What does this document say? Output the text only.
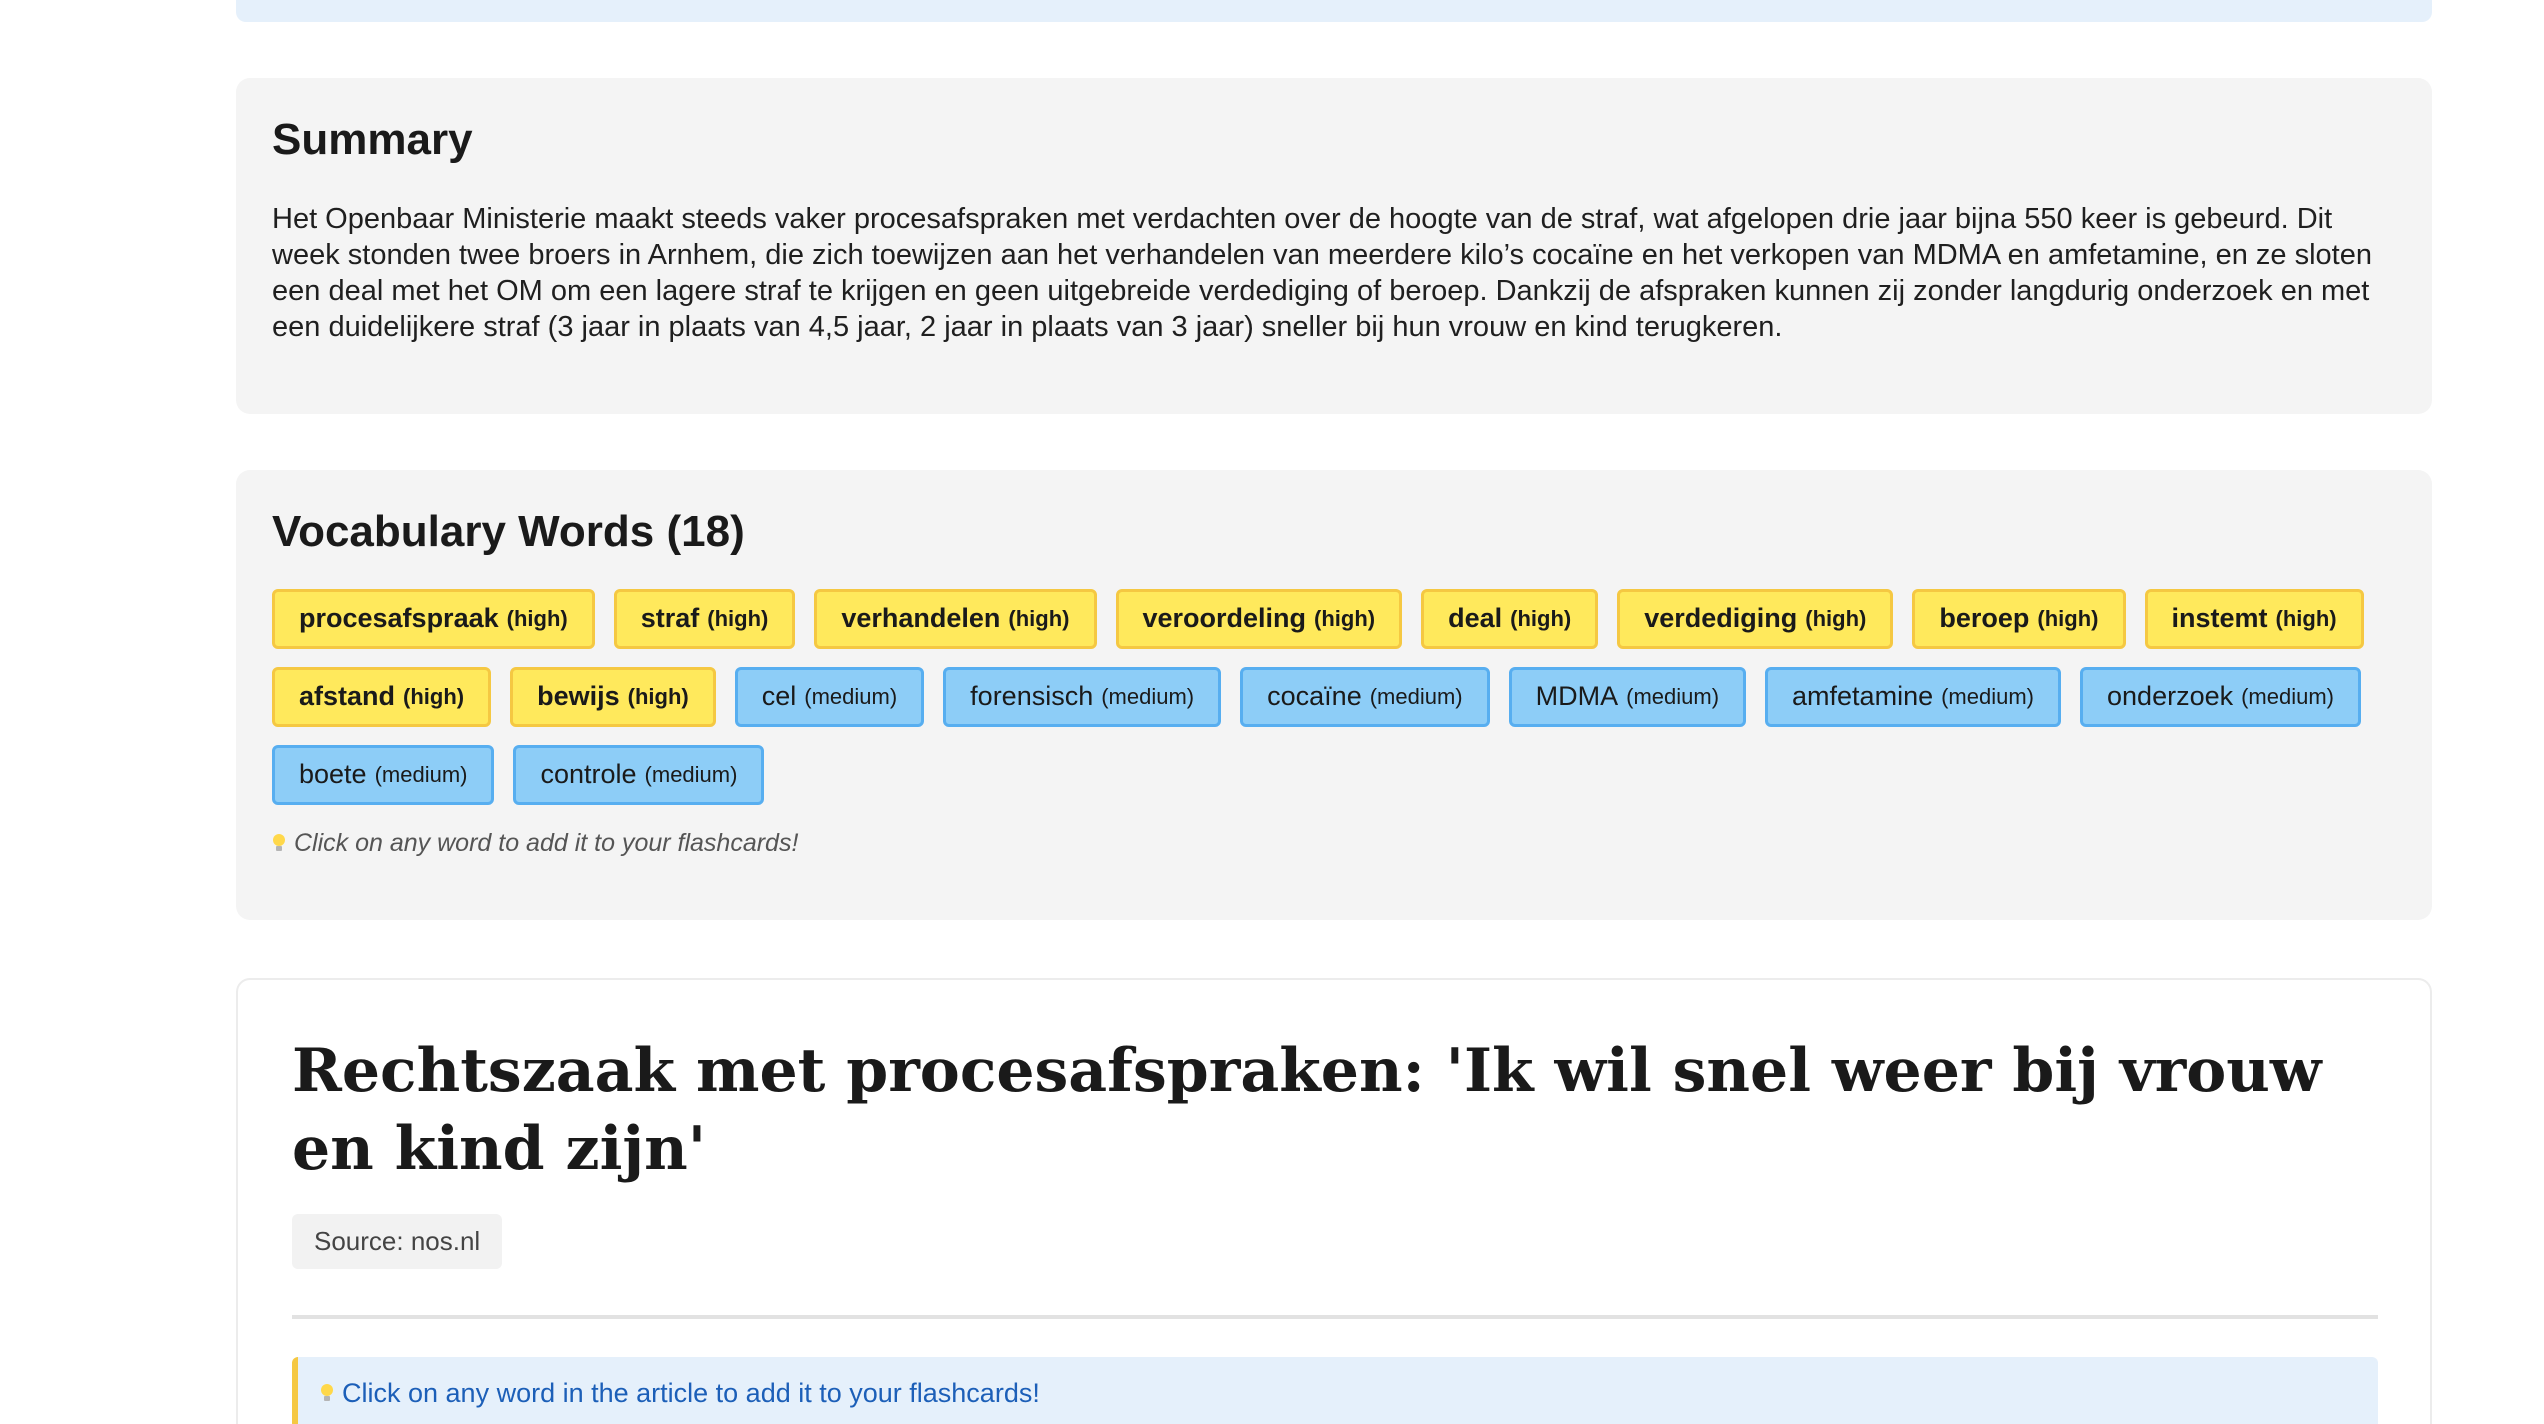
Summary
Het Openbaar Ministerie maakt steeds vaker procesafspraken met verdachten over de hoogte van de straf, wat afgelopen drie jaar bijna 550 keer is gebeurd. Dit week stonden twee broers in Arnhem, die zich toewijzen aan het verhandelen van meerdere kilo’s cocaïne en het verkopen van MDMA en amfetamine, en ze sloten een deal met het OM om een lagere straf te krijgen en geen uitgebreide verdediging of beroep. Dankzij de afspraken kunnen zij zonder langdurig onderzoek en met een duidelijkere straf (3 jaar in plaats van 4,5 jaar, 2 jaar in plaats van 3 jaar) sneller bij hun vrouw en kind terugkeren.
Vocabulary Words (18)
procesafspraak (high)	straf (high)	verhandelen (high)	veroordeling (high)	deal (high)	verdediging (high)	beroep (high)	instemt (high)
afstand (high)	bewijs (high)	cel (medium)	forensisch (medium)	cocaïne (medium)	MDMA (medium)	amfetamine (medium)	onderzoek (medium)
boete (medium)	controle (medium)
Click on any word to add it to your flashcards!
Rechtszaak met procesafspraken: 'Ik wil snel weer bij vrouw en kind zijn'
Source: nos.nl
Click on any word in the article to add it to your flashcards!
